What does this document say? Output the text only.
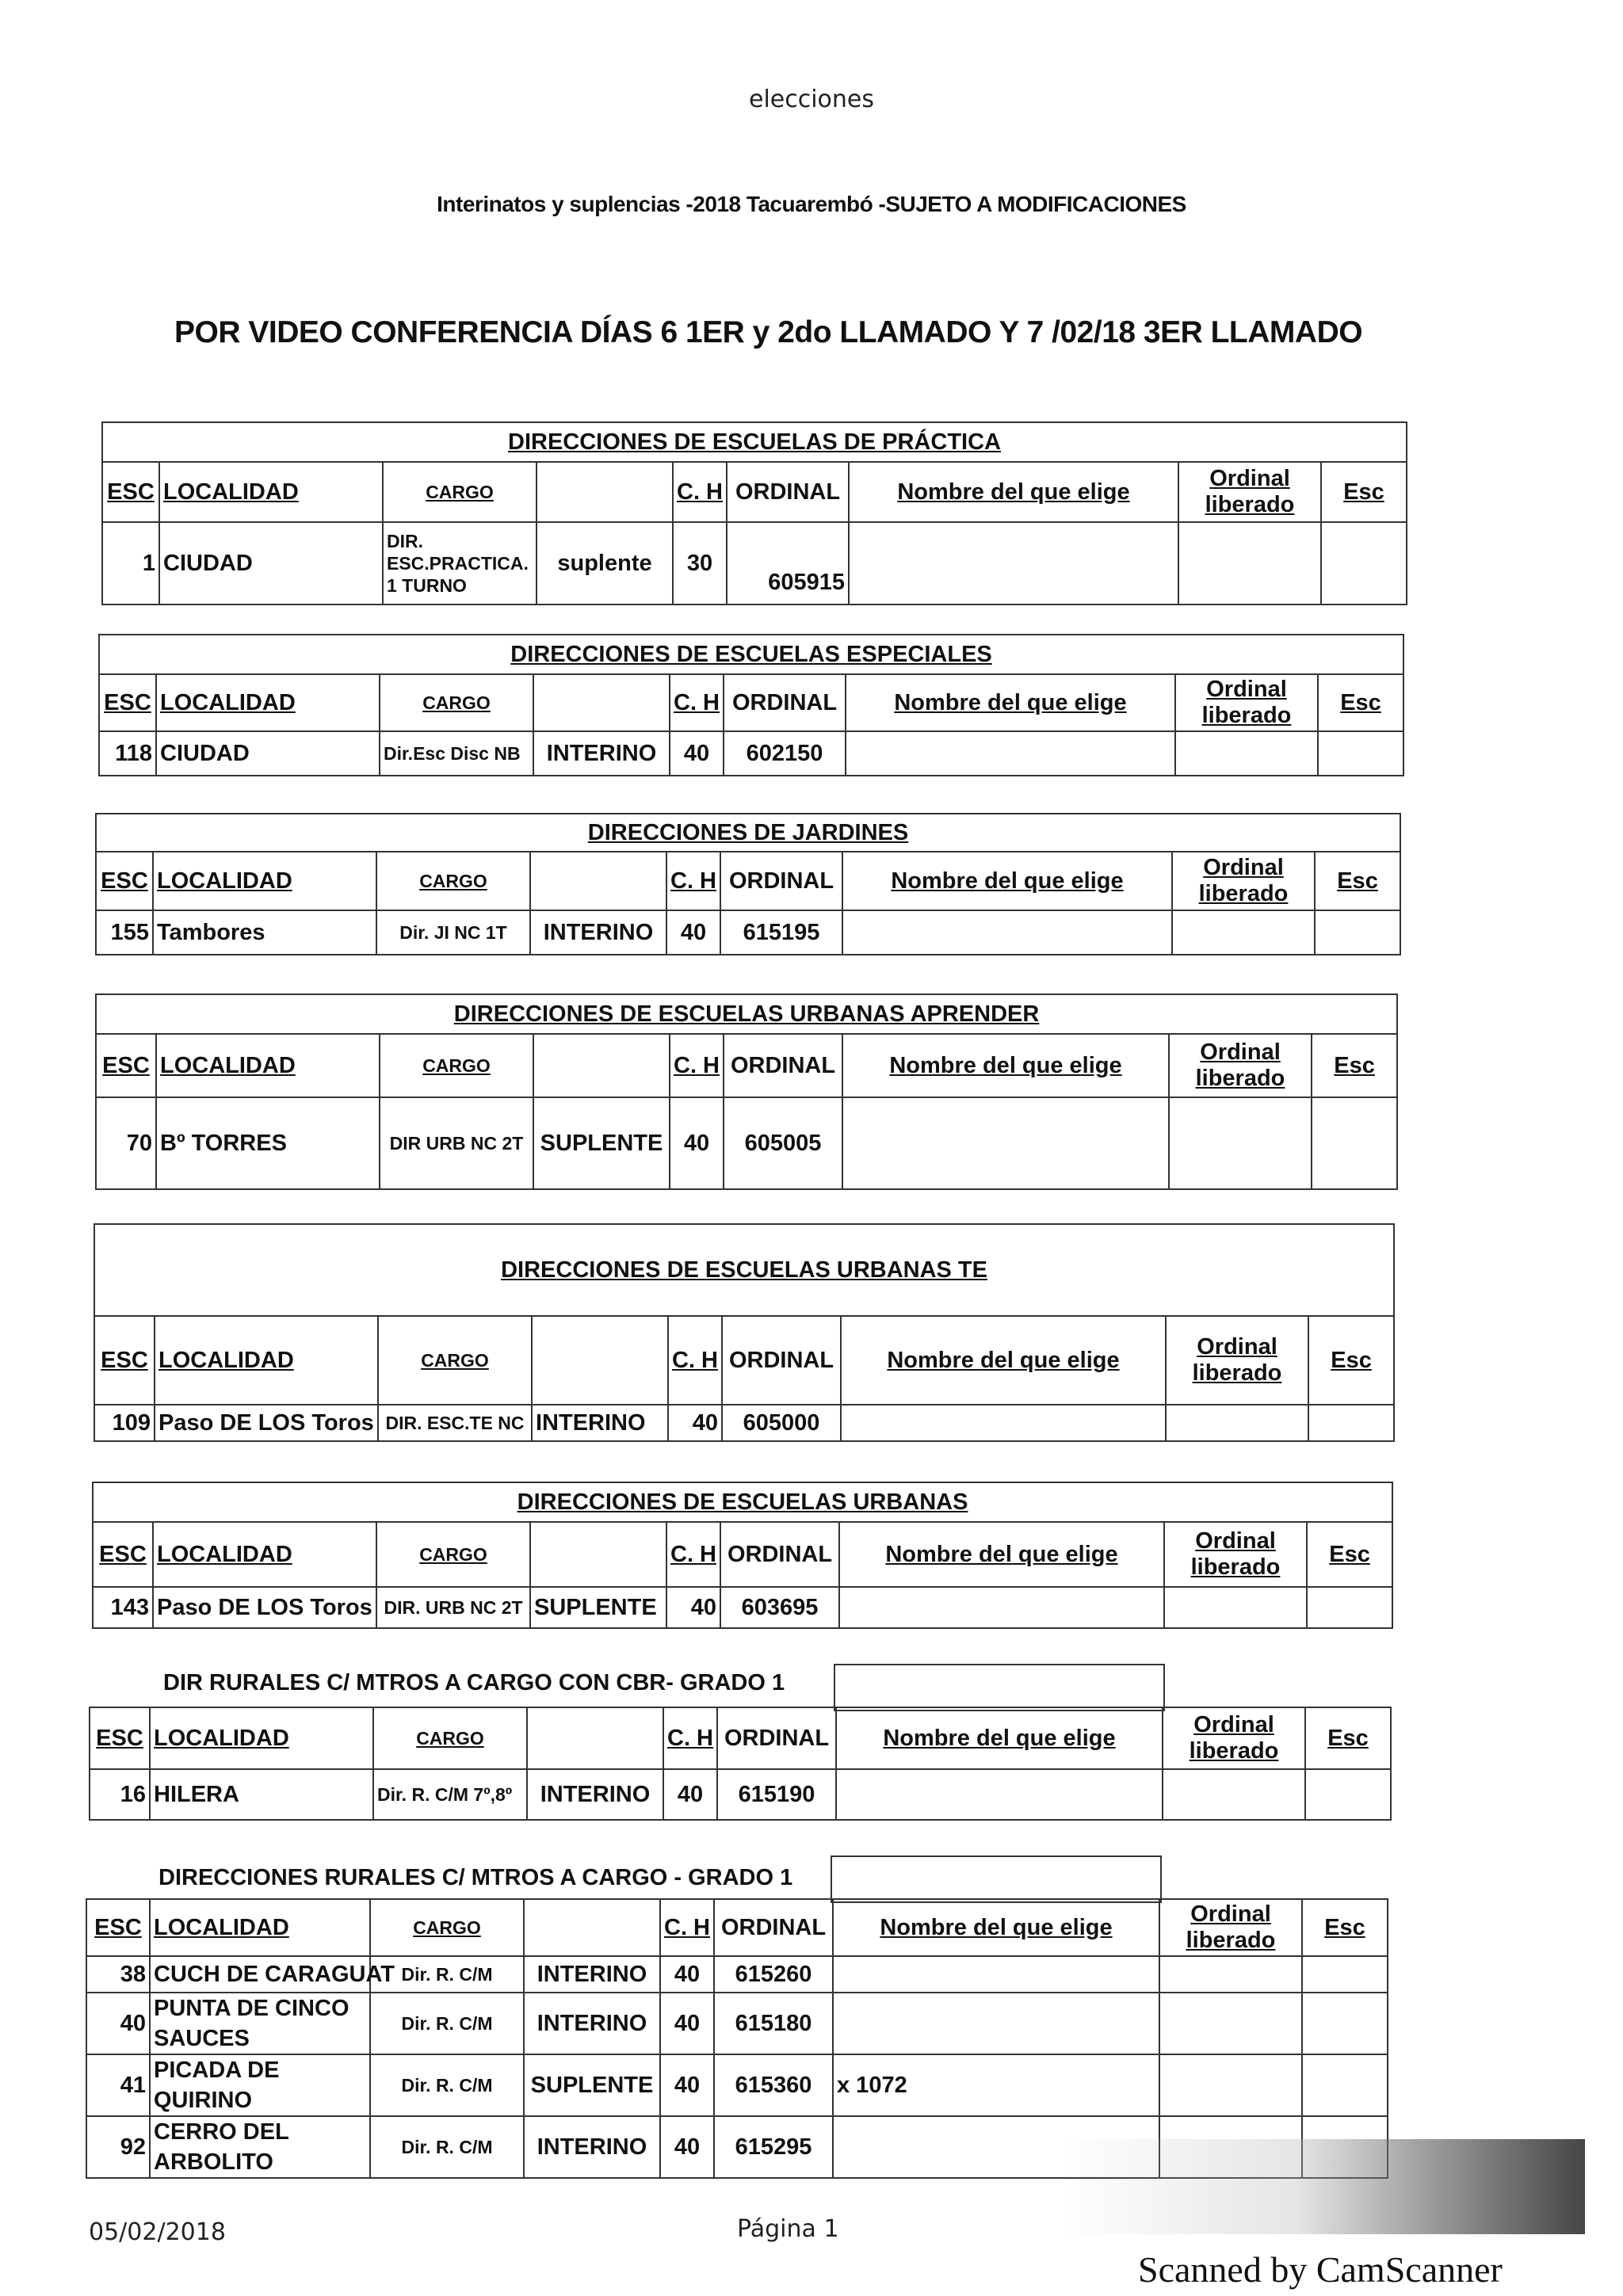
elecciones
Interinatos y suplencias -2018 Tacuarembó -SUJETO A MODIFICACIONES
POR VIDEO CONFERENCIA DÍAS 6 1ER y 2do LLAMADO Y 7 /02/18 3ER LLAMADO
DIRECCIONES DE ESCUELAS DE PRÁCTICA								
ESC	LOCALIDAD	CARGO		C. H	ORDINAL	Nombre del que elige	Ordinal
liberado	Esc
1	CIUDAD	DIR.
ESC.PRACTICA.
1 TURNO	suplente	30	605915			
DIRECCIONES DE ESCUELAS ESPECIALES								
ESC	LOCALIDAD	CARGO		C. H	ORDINAL	Nombre del que elige	Ordinal
liberado	Esc
118	CIUDAD	Dir.Esc Disc NB	INTERINO	40	602150			
DIRECCIONES DE JARDINES								
ESC	LOCALIDAD	CARGO		C. H	ORDINAL	Nombre del que elige	Ordinal
liberado	Esc
155	Tambores	Dir. JI NC 1T	INTERINO	40	615195			
DIRECCIONES DE ESCUELAS URBANAS APRENDER								
ESC	LOCALIDAD	CARGO		C. H	ORDINAL	Nombre del que elige	Ordinal
liberado	Esc
70	Bº TORRES	DIR URB NC 2T	SUPLENTE	40	605005			
DIRECCIONES DE ESCUELAS URBANAS TE								
ESC	LOCALIDAD	CARGO		C. H	ORDINAL	Nombre del que elige	Ordinal
liberado	Esc
109	Paso DE LOS Toros	DIR. ESC.TE NC	INTERINO	40	605000			
DIRECCIONES DE ESCUELAS URBANAS								
ESC	LOCALIDAD	CARGO		C. H	ORDINAL	Nombre del que elige	Ordinal
liberado	Esc
143	Paso DE LOS Toros	DIR. URB NC 2T	SUPLENTE	40	603695			
DIR RURALES C/ MTROS A CARGO CON CBR- GRADO 1
ESC	LOCALIDAD	CARGO		C. H	ORDINAL	Nombre del que elige	Ordinal
liberado	Esc
16	HILERA	Dir. R. C/M 7º,8º	INTERINO	40	615190			
DIRECCIONES RURALES C/ MTROS A CARGO - GRADO 1
ESC	LOCALIDAD	CARGO		C. H	ORDINAL	Nombre del que elige	Ordinal
liberado	Esc
38	CUCH DE CARAGUAT	Dir. R. C/M	INTERINO	40	615260			
40	PUNTA DE CINCO
SAUCES	Dir. R. C/M	INTERINO	40	615180			
41	PICADA DE
QUIRINO	Dir. R. C/M	SUPLENTE	40	615360	x 1072		
92	CERRO DEL
ARBOLITO	Dir. R. C/M	INTERINO	40	615295			
05/02/2018	Página 1
Scanned by CamScanner
